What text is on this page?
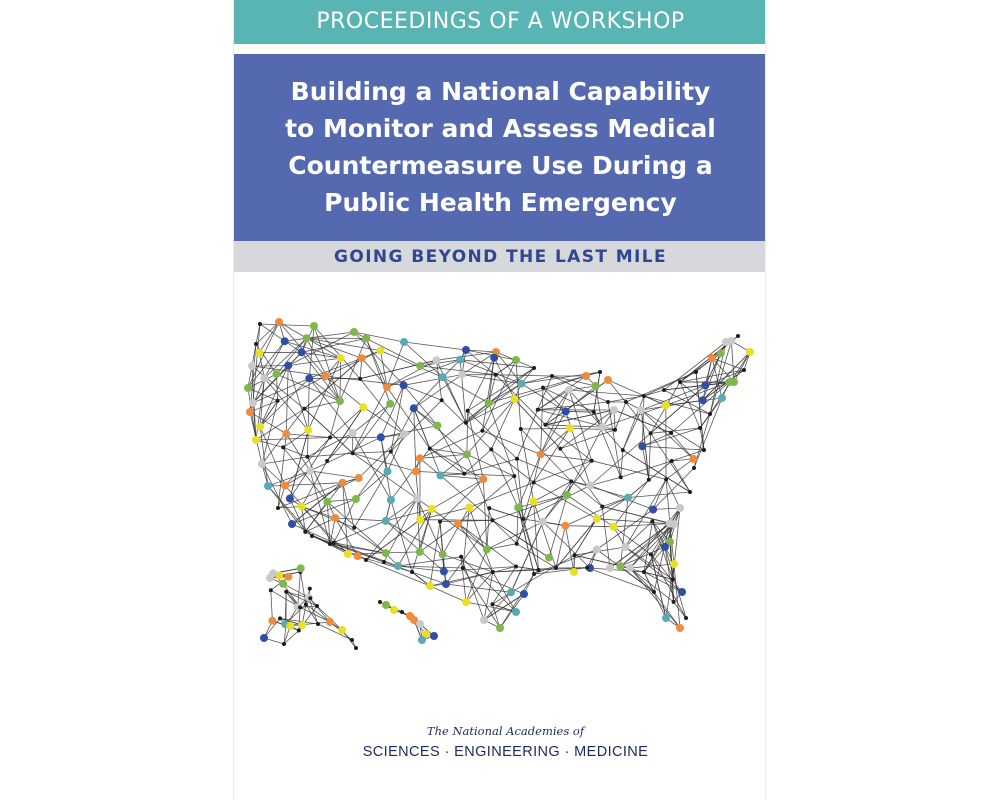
PROCEEDINGS OF A WORKSHOP
Building a National Capability
to Monitor and Assess Medical
Countermeasure Use During a
Public Health Emergency
GOING BEYOND THE LAST MILE
The National Academies of
SCIENCES · ENGINEERING · MEDICINE
